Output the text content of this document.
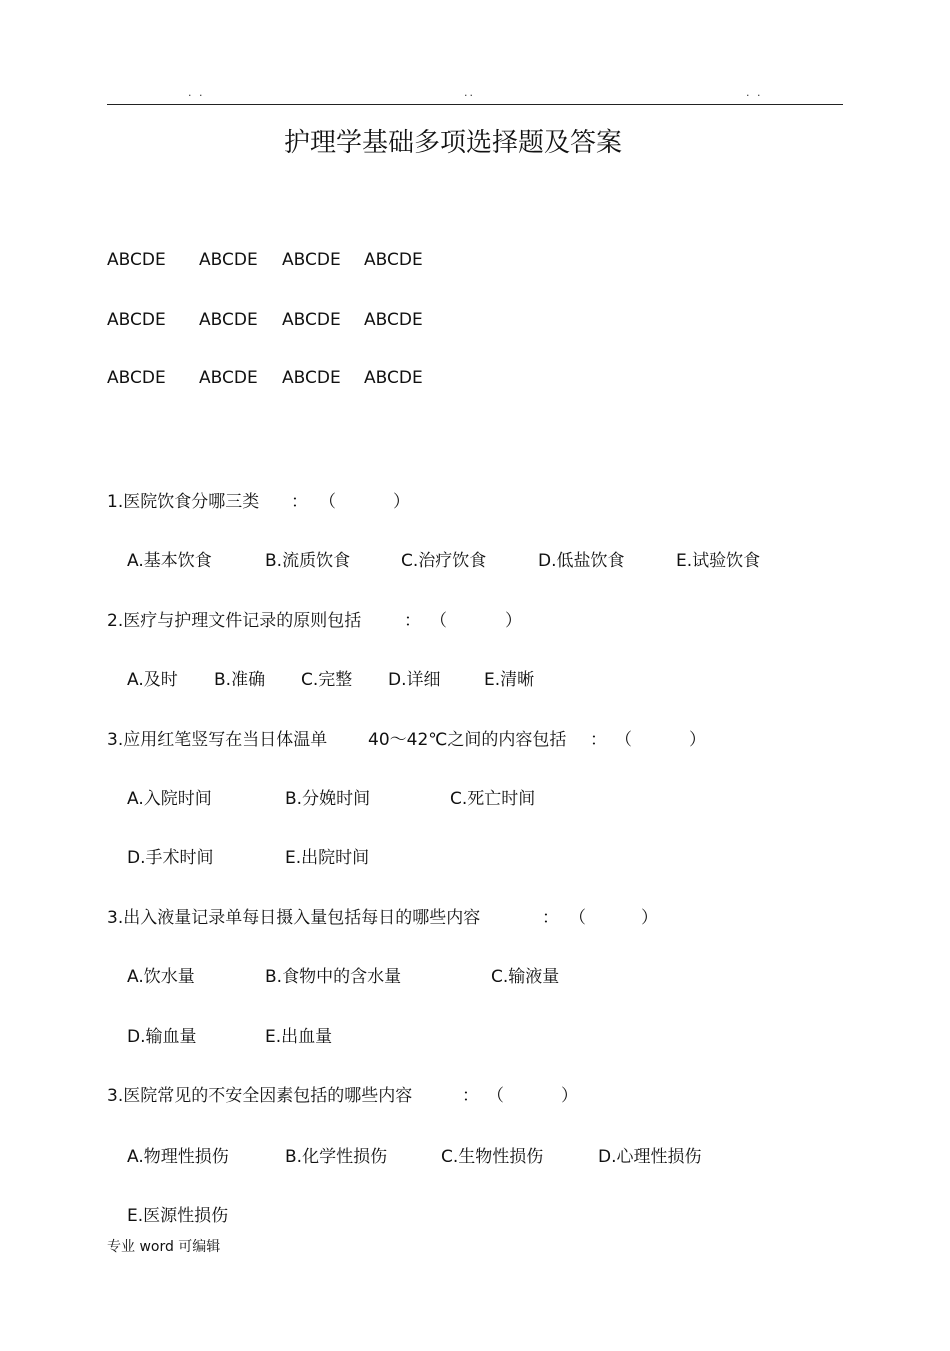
. .	..	. .
护理学基础多项选择题及答案
ABCDE ABCDE ABCDE ABCDE
ABCDE ABCDE ABCDE ABCDE
ABCDE ABCDE ABCDE ABCDE
1.医院饮食分哪三类 ： （	）
A.基本饮食	B.流质饮食	C.治疗饮食	D.低盐饮食	E.试验饮食
2.医疗与护理文件记录的原则包括	： （	）
A.及时 B.准确 C.完整 D.详细	E.清晰
3.应用红笔竖写在当日体温单 40～42℃之间的内容包括 ： （	）
A.入院时间	B.分娩时间	C.死亡时间
D.手术时间	E.出院时间
3.出入液量记录单每日摄入量包括每日的哪些内容	： （	）
A.饮水量	B.食物中的含水量	C.输液量
D.输血量	E.出血量
3.医院常见的不安全因素包括的哪些内容	： （	）
A.物理性损伤	B.化学性损伤	C.生物性损伤	D.心理性损伤
E.医源性损伤
专业 word 可编辑
